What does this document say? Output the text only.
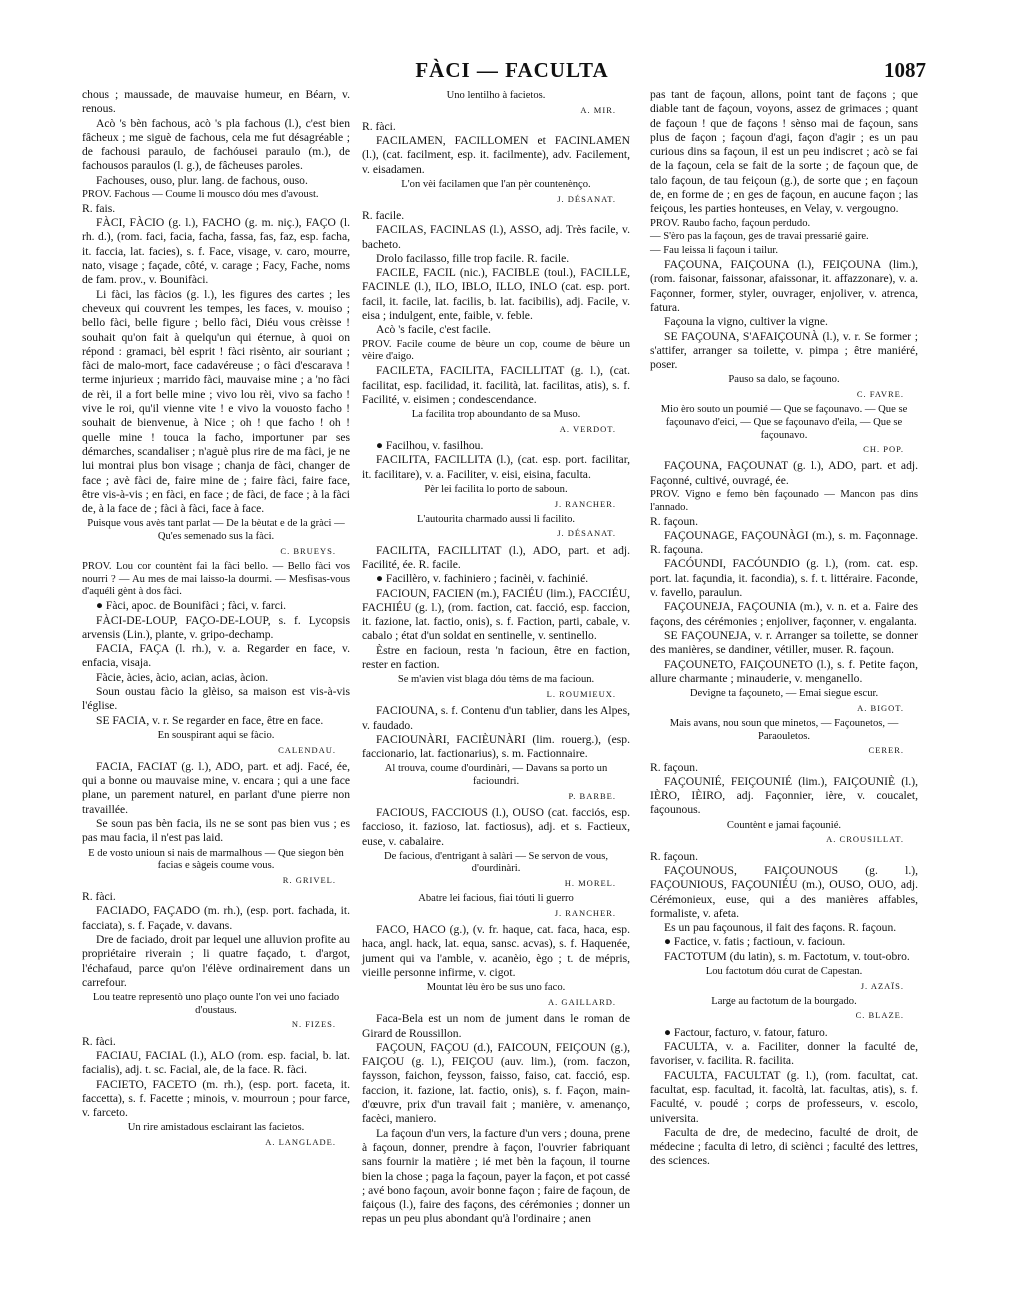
FÀCI — FACULTA	1087

chous ; maussade, de mauvaise humeur, en Béarn, v. renous.

Acò 's bèn fachous, acò 's pla fachous (l.), c'est bien fâcheux ; me siguè de fachous, cela me fut désagréable ; de fachousi paraulo, de fachóusei paraulo (m.), de fachousos paraulos (l. g.), de fâcheuses paroles.

Fachouses, ouso, plur. lang. de fachous, ouso.

PROV. Fachous — Coume li mousco dóu mes d'avoust.

R. fais.

FÀCI, FÀCIO (g. l.), FACHO (g. m. niç.), FAÇO (l. rh. d.), (rom. faci, facia, facha, fassa, fas, faz, esp. facha, it. faccia, lat. facies), s. f. Face, visage, v. caro, mourre, nato, visage ; façade, côté, v. carage ; Facy, Fache, noms de fam. prov., v. Bounifàci.

Li fàci, las fàcios (g. l.), les figures des cartes ; les cheveux qui couvrent les tempes, les faces, v. mouiso ; bello fàci, belle figure ; bello fàci, Diéu vous crèisse ! souhait qu'on fait à quelqu'un qui éternue, à quoi on répond : gramaci, bèl esprit ! fàci risènto, air souriant ; fàci de malo-mort, face cadavéreuse ; o fàci d'escarava ! terme injurieux ; marrido fàci, mauvaise mine ; a 'no fàci de rèi, il a fort belle mine ; vivo lou rèi, vivo sa facho ! vive le roi, qu'il vienne vite ! e vivo la vouosto facho ! souhait de bienvenue, à Nice ; oh ! que facho ! oh ! quelle mine ! touca la facho, importuner par ses démarches, scandaliser ; n'aguè plus rire de ma fàci, je ne lui montrai plus bon visage ; chanja de fàci, changer de face ; avè fàci de, faire mine de ; faire fàci, faire face, être vis-à-vis ; en fàci, en face ; de fàci, de face ; à la fàci de, à la face de ; fàci à fàci, face à face.

Puisque vous avès tant parlat — De la bèutat e de la gràci — Qu'es semenado sus la fàci.

C. BRUEYS.

PROV. Lou cor countènt fai la fàci bello. — Bello fàci vos nourri ? — Au mes de mai laisso-la dourmi. — Mesfisas-vous d'aquéli gènt à dos fàci.

● Fàci, apoc. de Bounifàci ; fàci, v. farci.

FÀCI-DE-LOUP, FAÇO-DE-LOUP, s. f. Lycopsis arvensis (Lin.), plante, v. gripo-dechamp.

FACIA, FAÇA (l. rh.), v. a. Regarder en face, v. enfacia, visaja.

Fàcie, àcies, àcio, acian, acias, àcion.

Soun oustau fàcio la glèiso, sa maison est vis-à-vis l'église.

SE FACIA, v. r. Se regarder en face, être en face.

En souspirant aqui se fàcio.

CALENDAU.

FACIA, FACIAT (g. l.), ADO, part. et adj. Facé, ée, qui a bonne ou mauvaise mine, v. encara ; qui a une face plane, un parement naturel, en parlant d'une pierre non travaillée.

Se soun pas bèn facia, ils ne se sont pas bien vus ; es pas mau facia, il n'est pas laid.

E de vosto unioun si nais de marmalhous — Que siegon bèn facias e sàgeis coume vous.

R. GRIVEL.

R. fàci.

FACIADO, FAÇADO (m. rh.), (esp. port. fachada, it. facciata), s. f. Façade, v. davans.

Dre de faciado, droit par lequel une alluvion profite au propriétaire riverain ; li quatre façado, t. d'argot, l'échafaud, parce qu'on l'élève ordinairement dans un carrefour.

Lou teatre representò uno plaço ounte l'on vei uno faciado d'oustaus.

N. FIZES.

R. fàci.

FACIAU, FACIAL (l.), ALO (rom. esp. facial, b. lat. facialis), adj. t. sc. Facial, ale, de la face. R. fàci.

FACIETO, FACETO (m. rh.), (esp. port. faceta, it. faccetta), s. f. Facette ; minois, v. mourroun ; pour farce, v. farceto.

Un rire amistadous esclairant las facietos.

A. LANGLADE.

Uno lentilho à facietos.

A. MIR.

R. fàci.

FACILAMEN, FACILLOMEN et FACINLAMEN (l.), (cat. facilment, esp. it. facilmente), adv. Facilement, v. eisadamen.

L'on vèi facilamen que l'an pèr countenènço.

J. DÉSANAT.

R. facile.

FACILAS, FACINLAS (l.), ASSO, adj. Très facile, v. bacheto.

Drolo facilasso, fille trop facile. R. facile.

FACILE, FACIL (nic.), FACIBLE (toul.), FACILLE, FACINLE (l.), ILO, IBLO, ILLO, INLO (cat. esp. port. facil, it. facile, lat. facilis, b. lat. facibilis), adj. Facile, v. eisa ; indulgent, ente, faible, v. feble.

Acò 's facile, c'est facile.

PROV. Facile coume de bèure un cop, coume de bèure un vèire d'aigo.

FACILETA, FACILITA, FACILLITAT (g. l.), (cat. facilitat, esp. facilidad, it. facilità, lat. facilitas, atis), s. f. Facilité, v. eisimen ; condescendance.

La facilita trop aboundanto de sa Muso.

A. VERDOT.

● Facilhou, v. fasilhou.

FACILITA, FACILLITA (l.), (cat. esp. port. facilitar, it. facilitare), v. a. Faciliter, v. eisi, eisina, faculta.

Pèr lei facilita lo porto de saboun.

J. RANCHER.

L'autourita charmado aussi li facilito.

J. DÉSANAT.

FACILITA, FACILLITAT (l.), ADO, part. et adj. Facilité, ée. R. facile.

● Facillèro, v. fachiniero ; facinèi, v. fachinié.

FACIOUN, FACIEN (m.), FACIÉU (lim.), FACCIÉU, FACHIÉU (g. l.), (rom. faction, cat. facció, esp. faccion, it. fazione, lat. factio, onis), s. f. Faction, parti, cabale, v. cabalo ; état d'un soldat en sentinelle, v. sentinello.

Èstre en facioun, resta 'n facioun, être en faction, rester en faction.

Se m'avien vist blaga dóu tèms de ma facioun.

L. ROUMIEUX.

FACIOUNA, s. f. Contenu d'un tablier, dans les Alpes, v. faudado.

FACIOUNÀRI, FACIÈUNÀRI (lim. rouerg.), (esp. faccionario, lat. factionarius), s. m. Factionnaire.

Al trouva, coume d'ourdinàri, — Davans sa porto un facioundri.

P. BARBE.

FACIOUS, FACCIOUS (l.), OUSO (cat. facciós, esp. faccioso, it. fazioso, lat. factiosus), adj. et s. Factieux, euse, v. cabalaire.

De facious, d'entrigant à salàri — Se servon de vous, d'ourdinàri.

H. MOREL.

Abatre lei facious, fiai tóuti li guerro

J. RANCHER.

FACO, HACO (g.), (v. fr. haque, cat. faca, haca, esp. haca, angl. hack, lat. equa, sansc. acvas), s. f. Haquenée, jument qui va l'amble, v. acanèio, ègo ; t. de mépris, vieille personne infirme, v. cigot.

Mountat lèu èro be sus uno faco.

A. GAILLARD.

Faca-Bela est un nom de jument dans le roman de Girard de Roussillon.

FAÇOUN, FAÇOU (d.), FAICOUN, FEIÇOUN (g.), FAIÇOU (g. l.), FEIÇOU (auv. lim.), (rom. faczon, faysson, faichon, feysson, faisso, faiso, cat. facció, esp. faccion, it. fazione, lat. factio, onis), s. f. Façon, main-d'œuvre, prix d'un travail fait ; manière, v. amenanço, facèci, maniero.

La façoun d'un vers, la facture d'un vers ; douna, prene à façoun, donner, prendre à façon, l'ouvrier fabriquant sans fournir la matière ; ié met bèn la façoun, il tourne bien la chose ; paga la façoun, payer la façon, et pot cassé ; avé bono façoun, avoir bonne façon ; faire de façoun, de faiçous (l.), faire des façons, des cérémonies ; donner un repas un peu plus abondant qu'à l'ordinaire ; anen

pas tant de façoun, allons, point tant de façons ; que diable tant de façoun, voyons, assez de grimaces ; quant de façoun ! que de façons ! sènso mai de façoun, sans plus de façon ; façoun d'agi, façon d'agir ; es un pau curious dins sa façoun, il est un peu indiscret ; acò se fai de la façoun, cela se fait de la sorte ; de façoun que, de talo façoun, de tau feiçoun (g.), de sorte que ; en façoun de, en forme de ; en ges de façoun, en aucune façon ; las feiçous, les parties honteuses, en Velay, v. vergougno.

PROV. Raubo facho, façoun perdudo.

— S'èro pas la façoun, ges de travai pressarié gaire.

— Fau leissa li façoun i tailur.

FAÇOUNA, FAIÇOUNA (l.), FEIÇOUNA (lim.), (rom. faisonar, faissonar, afaissonar, it. affazzonare), v. a. Façonner, former, styler, ouvrager, enjoliver, v. atrenca, fatura.

Façouna la vigno, cultiver la vigne.

SE FAÇOUNA, S'AFAIÇOUNÀ (l.), v. r. Se former ; s'attifer, arranger sa toilette, v. pimpa ; être maniéré, poser.

Pauso sa dalo, se façouno.

C. FAVRE.

Mio èro souto un poumié — Que se façounavo. — Que se façounavo d'eici, — Que se façounavo d'eila, — Que se façounavo.

CH. POP.

FAÇOUNA, FAÇOUNAT (g. l.), ADO, part. et adj. Façonné, cultivé, ouvragé, ée.

PROV. Vigno e femo bèn façounado — Mancon pas dins l'annado.

R. façoun.

FAÇOUNAGE, FAÇOUNÀGI (m.), s. m. Façonnage. R. façouna.

FACÓUNDI, FACÓUNDIO (g. l.), (rom. cat. esp. port. lat. façundia, it. facondia), s. f. t. littéraire. Faconde, v. favello, paraulun.

FAÇOUNEJA, FAÇOUNIA (m.), v. n. et a. Faire des façons, des cérémonies ; enjoliver, façonner, v. engalanta.

SE FAÇOUNEJA, v. r. Arranger sa toilette, se donner des manières, se dandiner, vétiller, muser. R. façoun.

FAÇOUNETO, FAIÇOUNETO (l.), s. f. Petite façon, allure charmante ; minauderie, v. menganello.

Devigne ta façouneto, — Emai siegue escur.

A. BIGOT.

Mais avans, nou soun que minetos, — Façounetos, — Paraouletos.

CERER.

R. façoun.

FAÇOUNIÉ, FEIÇOUNIÉ (lim.), FAIÇOUNIÈ (l.), IÈRO, IÈIRO, adj. Façonnier, ière, v. coucalet, façounous.

Countènt e jamai façounié.

A. CROUSILLAT.

R. façoun.

FAÇOUNOUS, FAIÇOUNOUS (g. l.), FAÇOUNIOUS, FAÇOUNIÉU (m.), OUSO, OUO, adj. Cérémonieux, euse, qui a des manières affables, formaliste, v. afeta.

Es un pau façounous, il fait des façons. R. façoun.

● Factice, v. fatis ; factioun, v. facioun.

FACTOTUM (du latin), s. m. Factotum, v. tout-obro.

Lou factotum dóu curat de Capestan.

J. AZAÏS.

Large au factotum de la bourgado.

C. BLAZE.

● Factour, facturo, v. fatour, faturo.

FACULTA, v. a. Faciliter, donner la faculté de, favoriser, v. facilita. R. facilita.

FACULTA, FACULTAT (g. l.), (rom. facultat, cat. facultat, esp. facultad, it. facoltà, lat. facultas, atis), s. f. Faculté, v. poudé ; corps de professeurs, v. escolo, universita.

Faculta de dre, de medecino, faculté de droit, de médecine ; faculta di letro, di sciènci ; faculté des lettres, des sciences.
